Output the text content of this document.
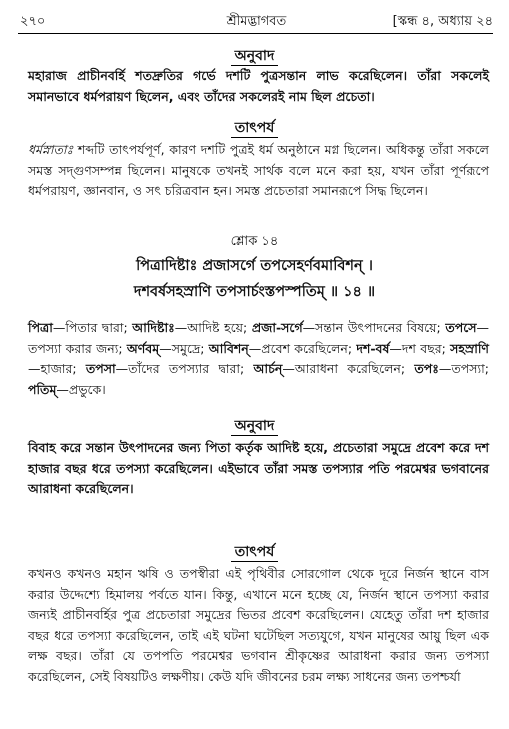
২৭০	শ্রীমদ্ভাগবত	[স্কন্ধ ৪, অধ্যায় ২৪
অনুবাদ
মহারাজ প্রাচীনবর্হি শতদ্রুতির গর্ভে দশটি পুত্রসন্তান লাভ করেছিলেন। তাঁরা সকলেই সমানভাবে ধর্মপরায়ণ ছিলেন, এবং তাঁদের সকলেরই নাম ছিল প্রচেতা।
তাৎপর্য
ধর্মস্নাতাঃ শব্দটি তাৎপর্যপূর্ণ, কারণ দশটি পুত্রই ধর্ম অনুষ্ঠানে মগ্ন ছিলেন। অধিকন্তু তাঁরা সকলে সমস্ত সদ্‌গুণসম্পন্ন ছিলেন। মানুষকে তখনই সার্থক বলে মনে করা হয়, যখন তাঁরা পূর্ণরূপে ধর্মপরায়ণ, জ্ঞানবান, ও সৎ চরিত্রবান হন। সমস্ত প্রচেতারা সমানরূপে সিদ্ধ ছিলেন।
শ্লোক ১৪
পিত্রাদিষ্টাঃ প্রজাসর্গে তপসেহর্ণবমাবিশন্ ।
দশবর্ষসহস্রাণি তপসার্চংস্তপস্পতিম্ ॥ ১৪ ॥
পিত্রা—পিতার দ্বারা; আদিষ্টাঃ—আদিষ্ট হয়ে; প্রজা-সর্গে—সন্তান উৎপাদনের বিষয়ে; তপসে—তপস্যা করার জন্য; অর্ণবম্—সমুদ্রে; আবিশন্—প্রবেশ করেছিলেন; দশ-বর্ষ—দশ বছর; সহস্রাণি—হাজার; তপসা—তাঁদের তপস্যার দ্বারা; আর্চন্—আরাধনা করেছিলেন; তপঃ—তপস্যা; পতিম্—প্রভুকে।
অনুবাদ
বিবাহ করে সন্তান উৎপাদনের জন্য পিতা কর্তৃক আদিষ্ট হয়ে, প্রচেতারা সমুদ্রে প্রবেশ করে দশ হাজার বছর ধরে তপস্যা করেছিলেন। এইভাবে তাঁরা সমস্ত তপস্যার পতি পরমেশ্বর ভগবানের আরাধনা করেছিলেন।
তাৎপর্য
কখনও কখনও মহান ঋষি ও তপস্বীরা এই পৃথিবীর সোরগোল থেকে দূরে নির্জন স্থানে বাস করার উদ্দেশ্যে হিমালয় পর্বতে যান। কিন্তু, এখানে মনে হচ্ছে যে, নির্জন স্থানে তপস্যা করার জন্যই প্রাচীনবর্হির পুত্র প্রচেতারা সমুদ্রের ভিতর প্রবেশ করেছিলেন। যেহেতু তাঁরা দশ হাজার বছর ধরে তপস্যা করেছিলেন, তাই এই ঘটনা ঘটেছিল সত্যযুগে, যখন মানুষের আয়ু ছিল এক লক্ষ বছর। তাঁরা যে তপপতি পরমেশ্বর ভগবান শ্রীকৃষ্ণের আরাধনা করার জন্য তপস্যা করেছিলেন, সেই বিষয়টিও লক্ষণীয়। কেউ যদি জীবনের চরম লক্ষ্য সাধনের জন্য তপশ্চর্যা
